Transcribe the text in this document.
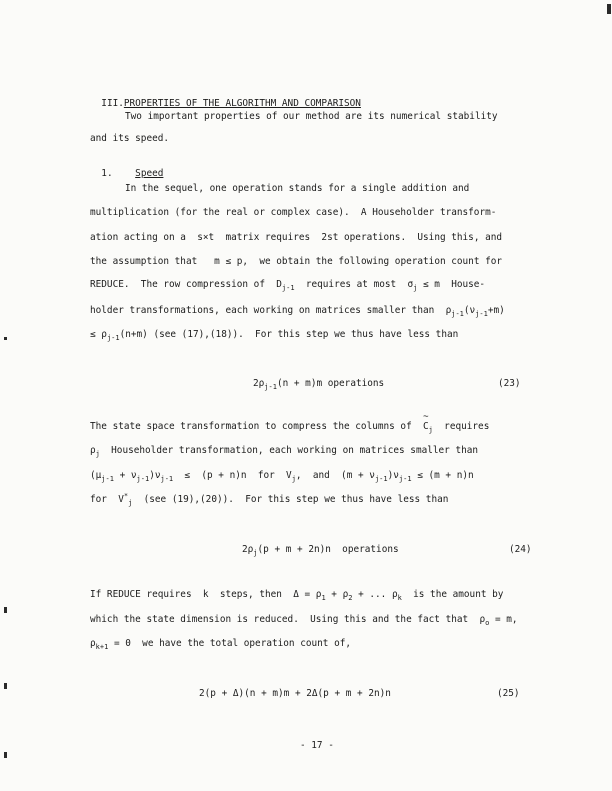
III.PROPERTIES OF THE ALGORITHM AND COMPARISON

Two important properties of our method are its numerical stability
and its speed.

1. Speed

In the sequel, one operation stands for a single addition and
multiplication (for the real or complex case).  A Householder transform-
ation acting on a  s×t  matrix requires  2st operations.  Using this, and
the assumption that   m ≤ p,  we obtain the following operation count for
REDUCE.  The row compression of  $D_{j-1}$  requires at most  $\sigma_j \le m$  House-
holder transformations, each working on matrices smaller than  $\rho_{j-1}(\nu_{j-1}+m)$
≤ $\rho_{j-1}(n+m)$ (see (17),(18)).  For this step we thus have less than
$2\rho_{j-1}(n + m)m$ operations	(23)
The state space transformation to compress the columns of  ~ $C_j$  requires
$\rho_j$  Householder transformation, each working on matrices smaller than
$(\mu_{j-1} + \nu_{j-1})\nu_{j-1} \le (p + n)n$  for  $V_j$,  and  $(m + \nu_{j-1})\nu_{j-1} \le (m + n)n$
for  $V^*_j$  (see (19),(20)).  For this step we thus have less than
$2\rho_j(p + m + 2n)n$  operations	(24)
If REDUCE requires  k  steps, then  $\Delta = \rho_1 + \rho_2$ + ... $\rho_k$  is the amount by
which the state dimension is reduced.  Using this and the fact that  $\rho_o = m$,
$\rho_{k+1} = 0$  we have the total operation count of,
2(p + Δ)(n + m)m + 2Δ(p + m + 2n)n	(25)
- 17 -
